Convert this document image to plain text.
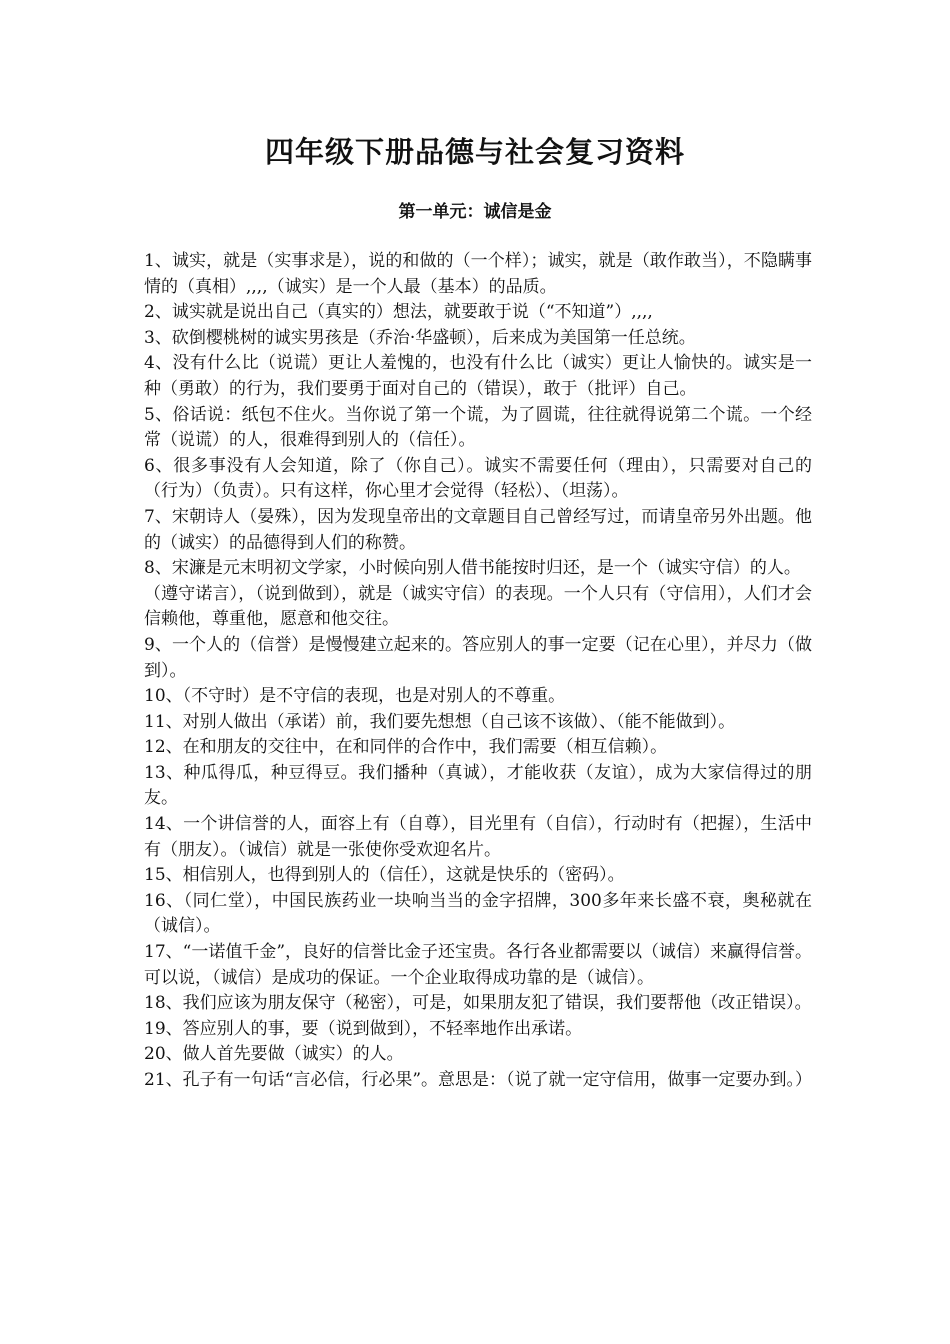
四年级下册品德与社会复习资料
第一单元：诚信是金

1、诚实，就是（实事求是），说的和做的（一个样）；诚实，就是（敢作敢当），不隐瞒事情的（真相）,,,,（诚实）是一个人最（基本）的品质。

2、诚实就是说出自己（真实的）想法，就要敢于说（“不知道”）,,,,

3、砍倒樱桃树的诚实男孩是（乔治·华盛顿），后来成为美国第一任总统。

4、没有什么比（说谎）更让人羞愧的，也没有什么比（诚实）更让人愉快的。诚实是一种（勇敢）的行为，我们要勇于面对自己的（错误），敢于（批评）自己。

5、俗话说：纸包不住火。当你说了第一个谎，为了圆谎，往往就得说第二个谎。一个经常（说谎）的人，很难得到别人的（信任）。

6、很多事没有人会知道，除了（你自己）。诚实不需要任何（理由），只需要对自己的（行为）（负责）。只有这样，你心里才会觉得（轻松）、（坦荡）。

7、宋朝诗人（晏殊），因为发现皇帝出的文章题目自己曾经写过，而请皇帝另外出题。他的（诚实）的品德得到人们的称赞。

8、宋濂是元末明初文学家，小时候向别人借书能按时归还，是一个（诚实守信）的人。

（遵守诺言），（说到做到），就是（诚实守信）的表现。一个人只有（守信用），人们才会信赖他，尊重他，愿意和他交往。

9、一个人的（信誉）是慢慢建立起来的。答应别人的事一定要（记在心里），并尽力（做到）。

10、（不守时）是不守信的表现，也是对别人的不尊重。

11、对别人做出（承诺）前，我们要先想想（自己该不该做）、（能不能做到）。

12、在和朋友的交往中，在和同伴的合作中，我们需要（相互信赖）。

13、种瓜得瓜，种豆得豆。我们播种（真诚），才能收获（友谊），成为大家信得过的朋友。

14、一个讲信誉的人，面容上有（自尊），目光里有（自信），行动时有（把握），生活中有（朋友）。（诚信）就是一张使你受欢迎名片。

15、相信别人，也得到别人的（信任），这就是快乐的（密码）。

16、（同仁堂），中国民族药业一块响当当的金字招牌，300多年来长盛不衰，奥秘就在（诚信）。

17、“一诺值千金”，良好的信誉比金子还宝贵。各行各业都需要以（诚信）来赢得信誉。可以说，（诚信）是成功的保证。一个企业取得成功靠的是（诚信）。

18、我们应该为朋友保守（秘密），可是，如果朋友犯了错误，我们要帮他（改正错误）。

19、答应别人的事，要（说到做到），不轻率地作出承诺。

20、做人首先要做（诚实）的人。

21、孔子有一句话“言必信，行必果”。意思是：（说了就一定守信用，做事一定要办到。）
